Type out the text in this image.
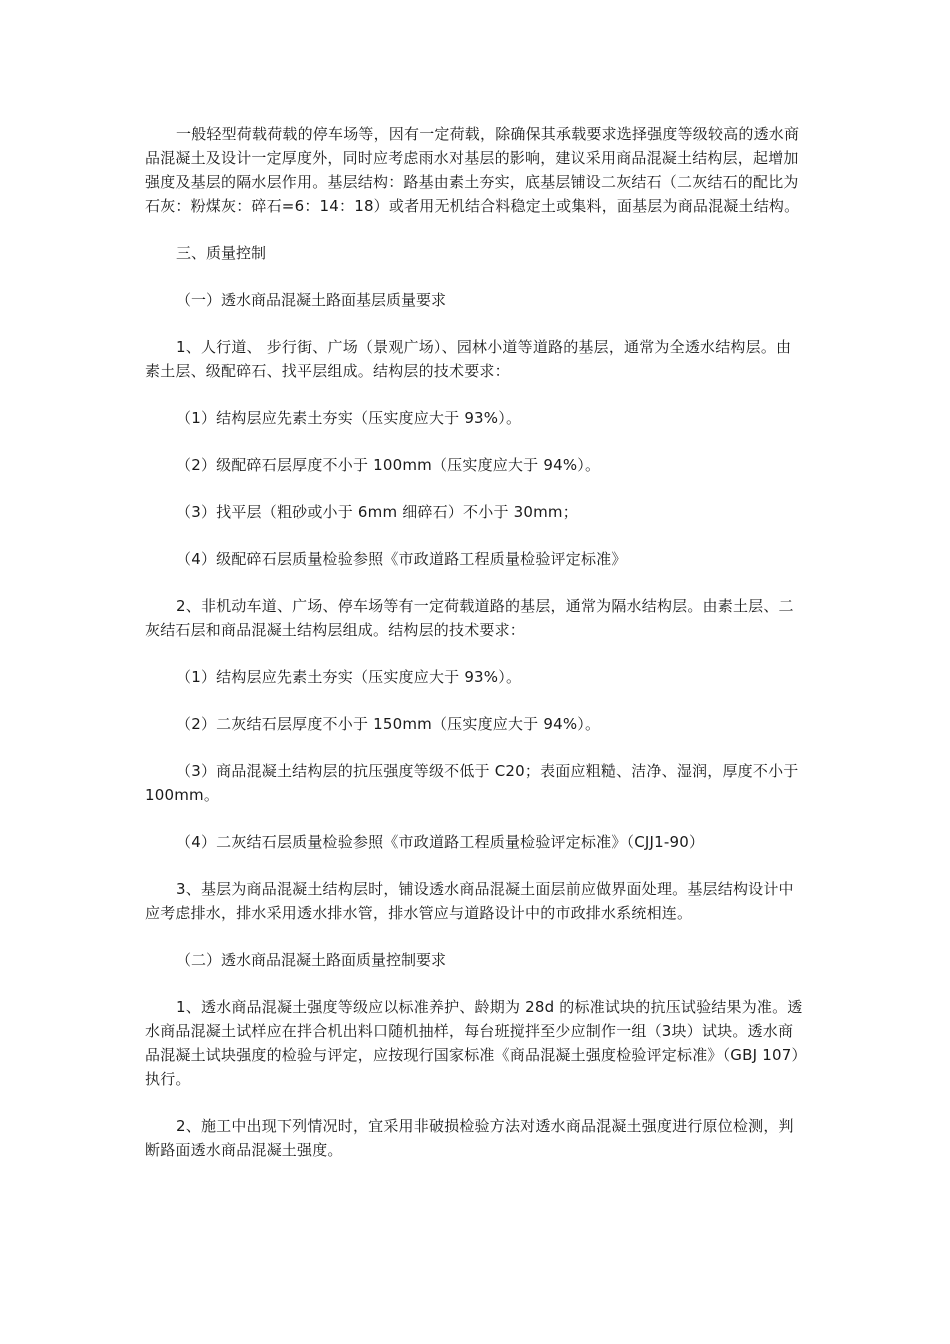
一般轻型荷载荷载的停车场等，因有一定荷载，除确保其承载要求选择强度等级较高的透水商品混凝土及设计一定厚度外，同时应考虑雨水对基层的影响，建议采用商品混凝土结构层，起增加强度及基层的隔水层作用。基层结构：路基由素土夯实，底基层铺设二灰结石（二灰结石的配比为石灰：粉煤灰：碎石=6：14：18）或者用无机结合料稳定土或集料，面基层为商品混凝土结构。

三、质量控制

（一）透水商品混凝土路面基层质量要求

1、人行道、 步行街、广场（景观广场）、园林小道等道路的基层，通常为全透水结构层。由素土层、级配碎石、找平层组成。结构层的技术要求：

（1）结构层应先素土夯实（压实度应大于 93%）。

（2）级配碎石层厚度不小于 100mm（压实度应大于 94%）。

（3）找平层（粗砂或小于 6mm 细碎石）不小于 30mm；

（4）级配碎石层质量检验参照《市政道路工程质量检验评定标准》

2、非机动车道、广场、停车场等有一定荷载道路的基层，通常为隔水结构层。由素土层、二灰结石层和商品混凝土结构层组成。结构层的技术要求：

（1）结构层应先素土夯实（压实度应大于 93%）。

（2）二灰结石层厚度不小于 150mm（压实度应大于 94%）。

（3）商品混凝土结构层的抗压强度等级不低于 C20；表面应粗糙、洁净、湿润，厚度不小于 100mm。

（4）二灰结石层质量检验参照《市政道路工程质量检验评定标准》（CJJ1-90）

3、基层为商品混凝土结构层时，铺设透水商品混凝土面层前应做界面处理。基层结构设计中应考虑排水，排水采用透水排水管，排水管应与道路设计中的市政排水系统相连。

（二）透水商品混凝土路面质量控制要求

1、透水商品混凝土强度等级应以标准养护、龄期为 28d 的标准试块的抗压试验结果为准。透水商品混凝土试样应在拌合机出料口随机抽样，每台班搅拌至少应制作一组（3块）试块。透水商品混凝土试块强度的检验与评定，应按现行国家标准《商品混凝土强度检验评定标准》（GBJ 107）执行。

2、施工中出现下列情况时，宜采用非破损检验方法对透水商品混凝土强度进行原位检测，判断路面透水商品混凝土强度。
